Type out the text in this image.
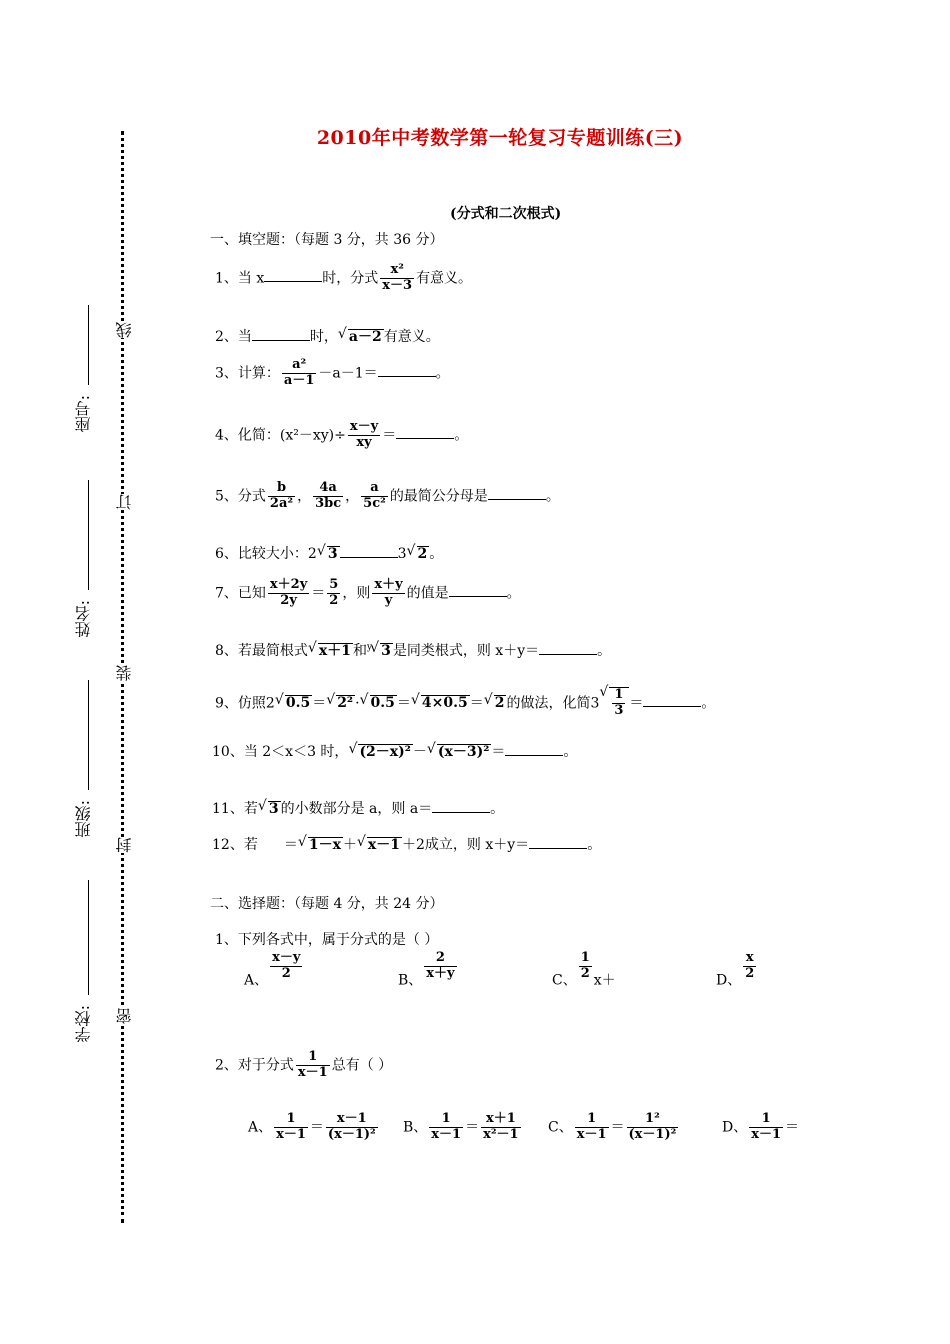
线
订
装
封
密
座号:
姓名:
班级:
学校:
2010年中考数学第一轮复习专题训练(三)
(分式和二次根式)
一、填空题：（每题 3 分，共 36 分）
1、当 x	时，分式 $\frac{\text{x²}}{x-3}$ 有意义。
2、当	时， √ a－2 有意义。
3、计算： $\frac{\text{a²}}{a-1} -a-1=$	。
4、化简：$(x^2-xy)\div \frac{x-y}{xy}$ ＝	。
5、分式 $\frac{b}{\text{2a²}}$ ， $\frac{4a}{3bc}$ ， $\frac{a}{\text{5c²}}$ 的最简公分母是	。
6、比较大小：2 √ 3	3 √ 2 。
7、已知 $\frac{x+2y}{2y} = \frac{5}{2}$ ，则 $\frac{x+y}{y}$ 的值是	。
8、若最简根式 √ x＋1 和$^y$ √ 3 是同类根式，则 x＋y＝	。
9、仿照2 √ 0.5 ＝ √ 2² · √ 0.5 ＝ √ 4×0.5 ＝ √ 2 的做法，化简3 √ $\frac{1}{3}$ ＝	。
10、当 2＜x＜3 时， √ (2－x)² － √ (x－3)² ＝	。
11、若 √ 3 的小数部分是 a，则 a＝	。
12、若 ＝ √ 1－x ＋ √ x－1 ＋2成立，则 x＋y＝	。
二、选择题：（每题 4 分，共 24 分）
1、下列各式中，属于分式的是（ ）
A、 $\frac{x-y}{2}$	B、 $\frac{2}{x+y}$	C、 $\frac{1}{2} x+$	D、 $\frac{x}{2}$
2、对于分式 $\frac{1}{x-1}$ 总有（ ）
A、 $\frac{1}{x-1} = \frac{x-1}{\text{(x－1)²}}$ B、 $\frac{1}{x-1} = \frac{x+1}{\text{x²－1}}$ C、 $\frac{1}{x-1} = \frac{\text{1²}}{\text{(x－1)²}}$	D、 $\frac{1}{x-1}$ ＝
